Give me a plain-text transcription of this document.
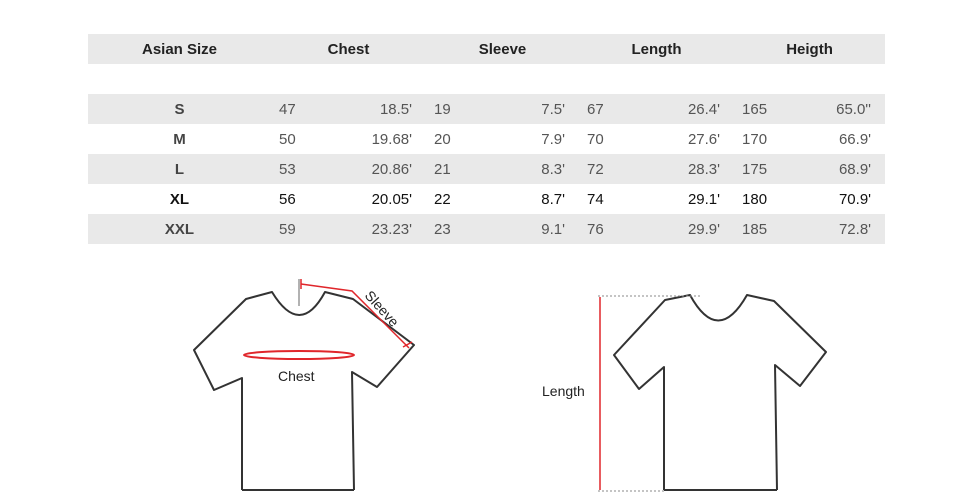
Asian Size	Chest		Sleeve		Length		Heigth	

S	47	18.5'	19	7.5'	67	26.4'	165	65.0''
M	50	19.68'	20	7.9'	70	27.6'	170	66.9'
L	53	20.86'	21	8.3'	72	28.3'	175	68.9'
XL	56	20.05'	22	8.7'	74	29.1'	180	70.9'
XXL	59	23.23'	23	9.1'	76	29.9'	185	72.8'
Sleeve
Chest
Length
